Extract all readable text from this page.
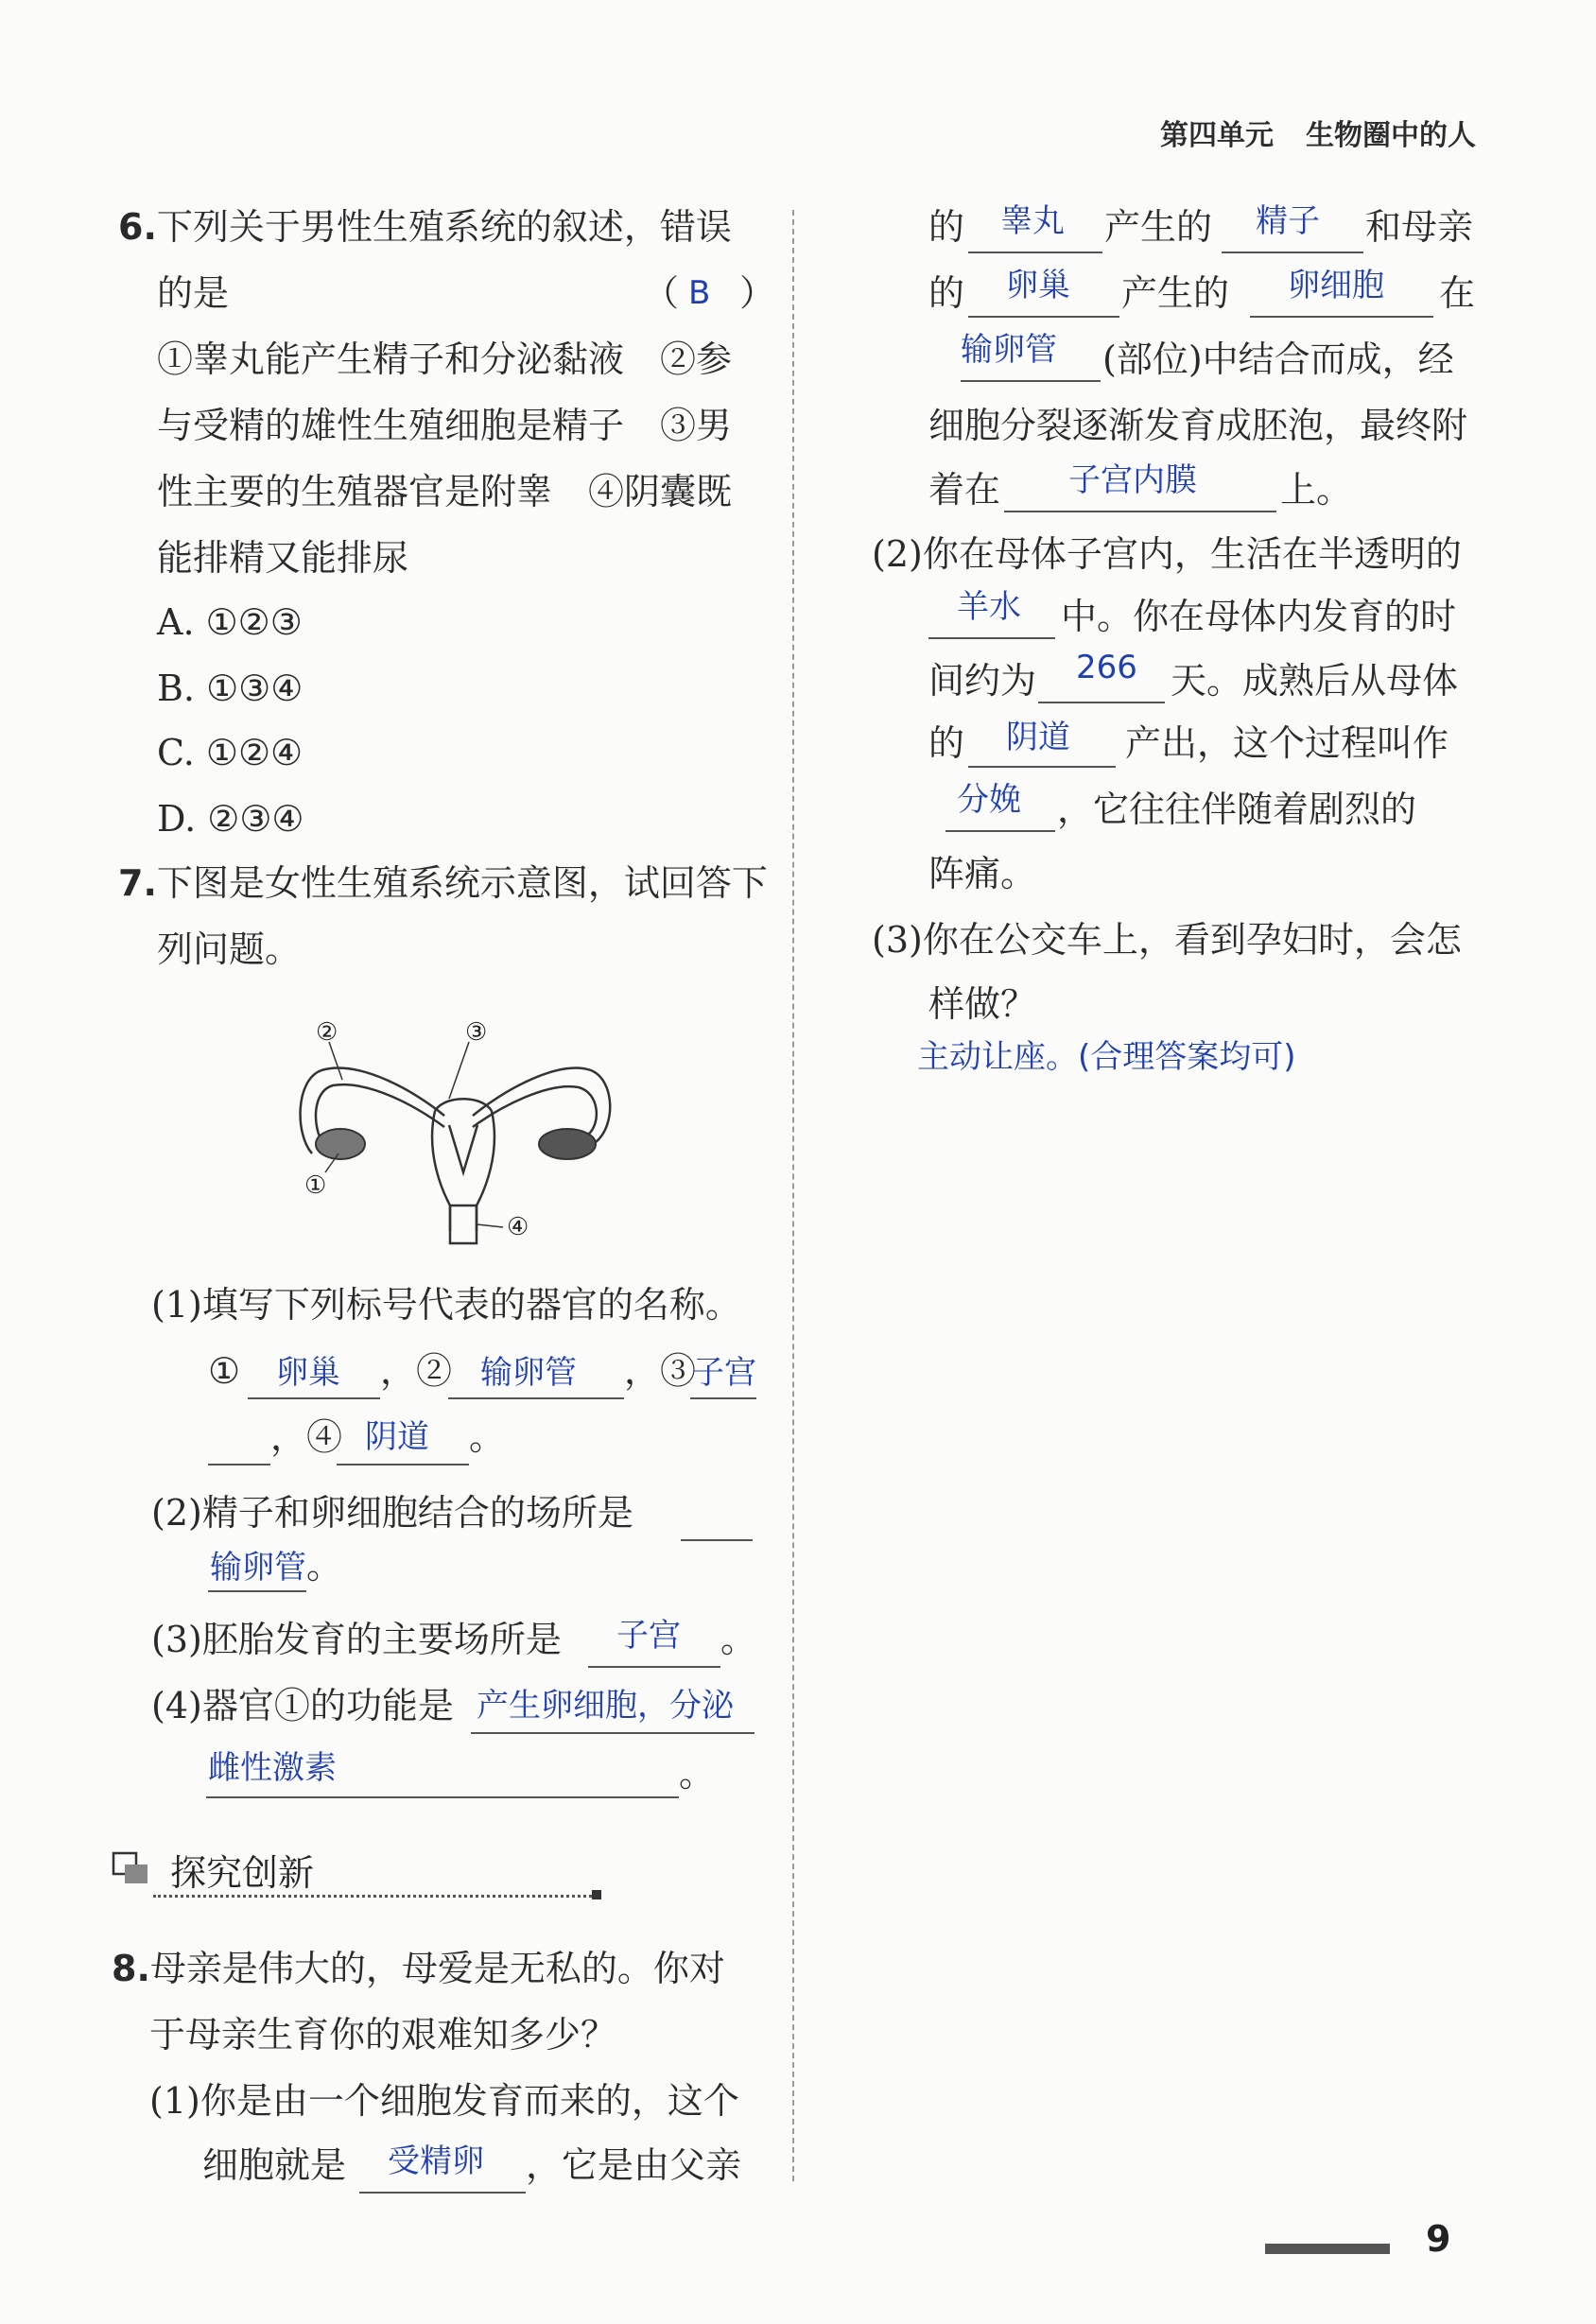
第四单元 生物圈中的人
6.下列关于男性生殖系统的叙述，错误
的是	（ B ）
①睾丸能产生精子和分泌黏液　②参
与受精的雄性生殖细胞是精子　③男
性主要的生殖器官是附睾　④阴囊既
能排精又能排尿
A. ①②③
B. ①③④
C. ①②④
D. ②③④
7.下图是女性生殖系统示意图，试回答下
列问题。
②	③
①
④
(1)填写下列标号代表的器官的名称。
① 卵巢 ，② 输卵管 ，③
子宫
，④ 阴道 。
(2)精子和卵细胞结合的场所是
输卵管 。
(3)胚胎发育的主要场所是 子宫 。
(4)器官①的功能是 产生卵细胞，分泌
雌性激素	。
探究创新
8.母亲是伟大的，母爱是无私的。你对
于母亲生育你的艰难知多少？
(1)你是由一个细胞发育而来的，这个
细胞就是 受精卵 ，它是由父亲
的 睾丸 产生的 精子 和母亲
的 卵巢 产生的 卵细胞 在
输卵管 (部位)中结合而成，经
细胞分裂逐渐发育成胚泡，最终附
着在 子宫内膜 上。
(2)你在母体子宫内，生活在半透明的
羊水 中。你在母体内发育的时
间约为 266 天。成熟后从母体
的 阴道 产出，这个过程叫作
分娩 ，它往往伴随着剧烈的
阵痛。
(3)你在公交车上，看到孕妇时，会怎
样做？
主动让座。(合理答案均可)
9
